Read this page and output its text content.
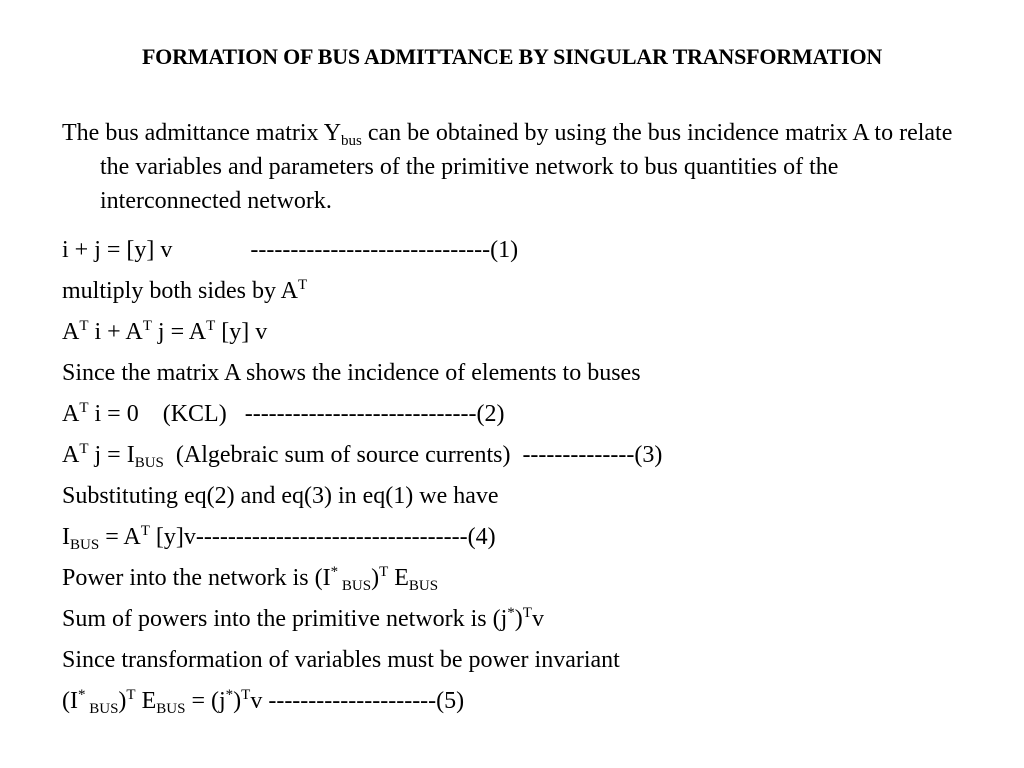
FORMATION OF BUS ADMITTANCE BY SINGULAR TRANSFORMATION

The bus admittance matrix $Y_{bus}$ can be obtained by using the bus incidence matrix A to relate the variables and parameters of the primitive network to bus quantities of the interconnected network.

i + j = [y] v	------------------------------(1)
multiply both sides by $A^T$
$A^T$ $i + A^T$ $j = A^T$ [y] v
Since the matrix A shows the incidence of elements to buses
$A^T$ i = 0    (KCL)   -----------------------------(2)
$A^T$ $j = I_{BUS}$  (Algebraic sum of source currents)  --------------(3)
Substituting eq(2) and eq(3) in eq(1) we have
$I_{BUS} = A^T$ [y]v----------------------------------(4)
Power into the network is (I* $_{BUS}$)$^T$ $E_{BUS}$
Sum of powers into the primitive network is $(j^*)^Tv$
Since transformation of variables must be power invariant
(I* $_{BUS}$)$^T$ $E_{BUS} = (j^*)^Tv$ ---------------------(5)
